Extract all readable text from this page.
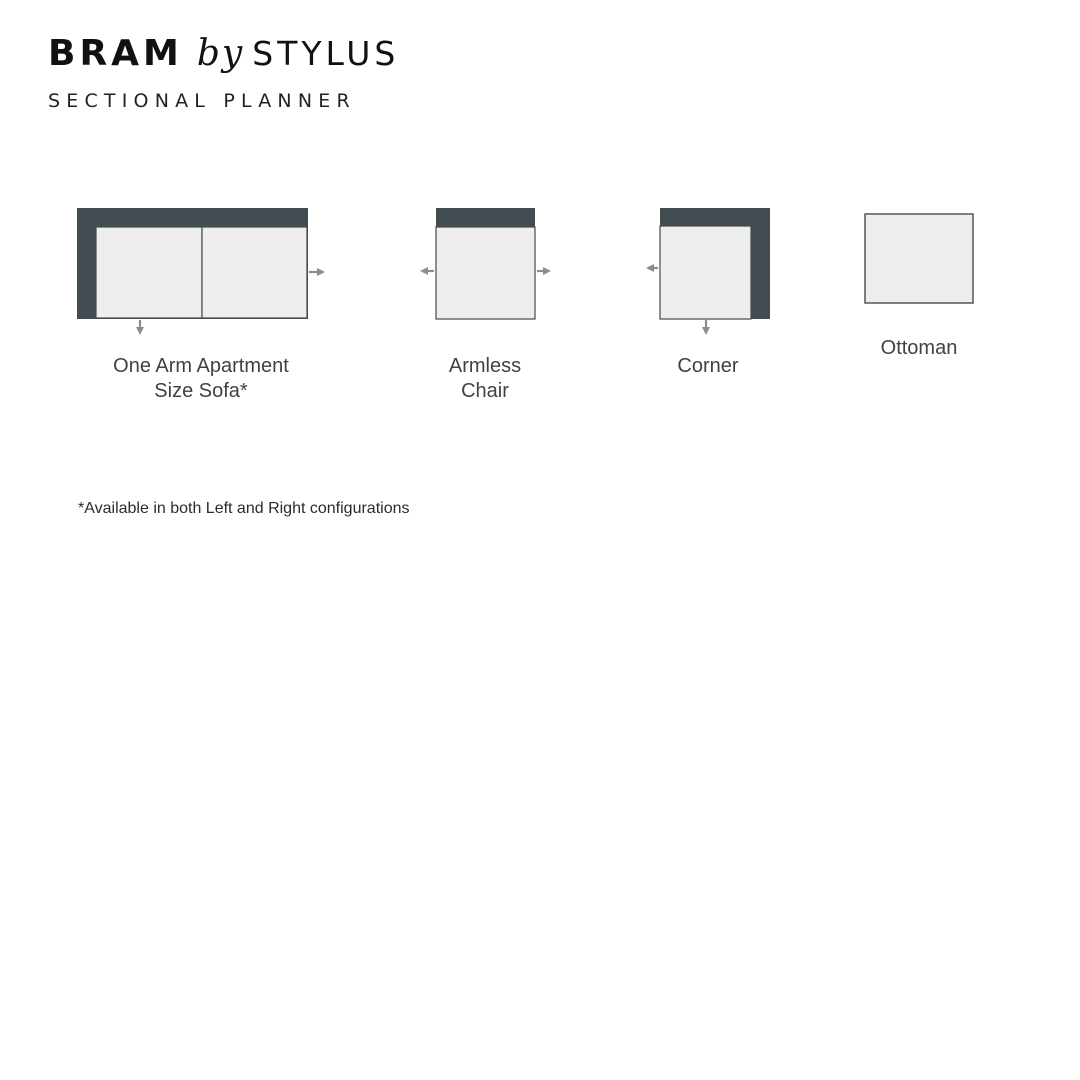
BRAM by STYLUS
SECTIONAL PLANNER
One Arm Apartment
Size Sofa*
Armless
Chair
Corner
Ottoman
*Available in both Left and Right configurations
